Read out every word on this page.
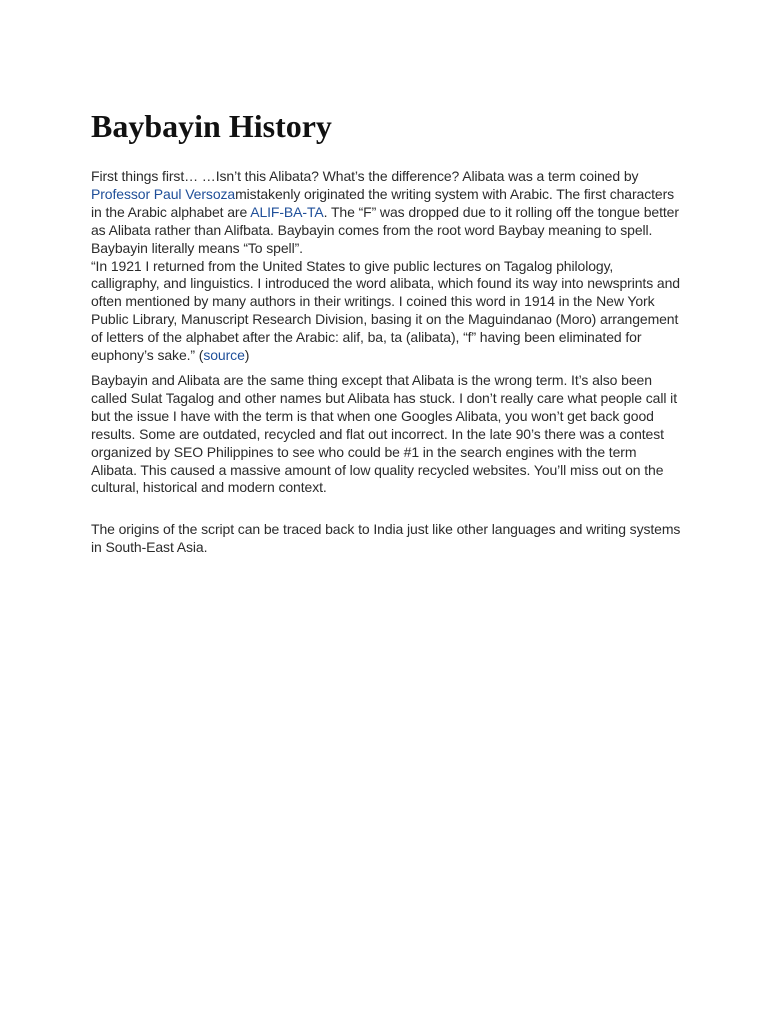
Baybayin History

First things first… …Isn’t this Alibata? What’s the difference? Alibata was a term coined by Professor Paul Versozamistakenly originated the writing system with Arabic. The first characters in the Arabic alphabet are ALIF-BA-TA. The “F” was dropped due to it rolling off the tongue better as Alibata rather than Alifbata. Baybayin comes from the root word Baybay meaning to spell. Baybayin literally means “To spell”.
“In 1921 I returned from the United States to give public lectures on Tagalog philology, calligraphy, and linguistics. I introduced the word alibata, which found its way into newsprints and often mentioned by many authors in their writings. I coined this word in 1914 in the New York Public Library, Manuscript Research Division, basing it on the Maguindanao (Moro) arrangement of letters of the alphabet after the Arabic: alif, ba, ta (alibata), “f” having been eliminated for euphony’s sake.” (source)

Baybayin and Alibata are the same thing except that Alibata is the wrong term. It’s also been called Sulat Tagalog and other names but Alibata has stuck. I don’t really care what people call it but the issue I have with the term is that when one Googles Alibata, you won’t get back good results. Some are outdated, recycled and flat out incorrect. In the late 90’s there was a contest organized by SEO Philippines to see who could be #1 in the search engines with the term Alibata. This caused a massive amount of low quality recycled websites. You’ll miss out on the cultural, historical and modern context.

The origins of the script can be traced back to India just like other languages and writing systems in South-East Asia.
